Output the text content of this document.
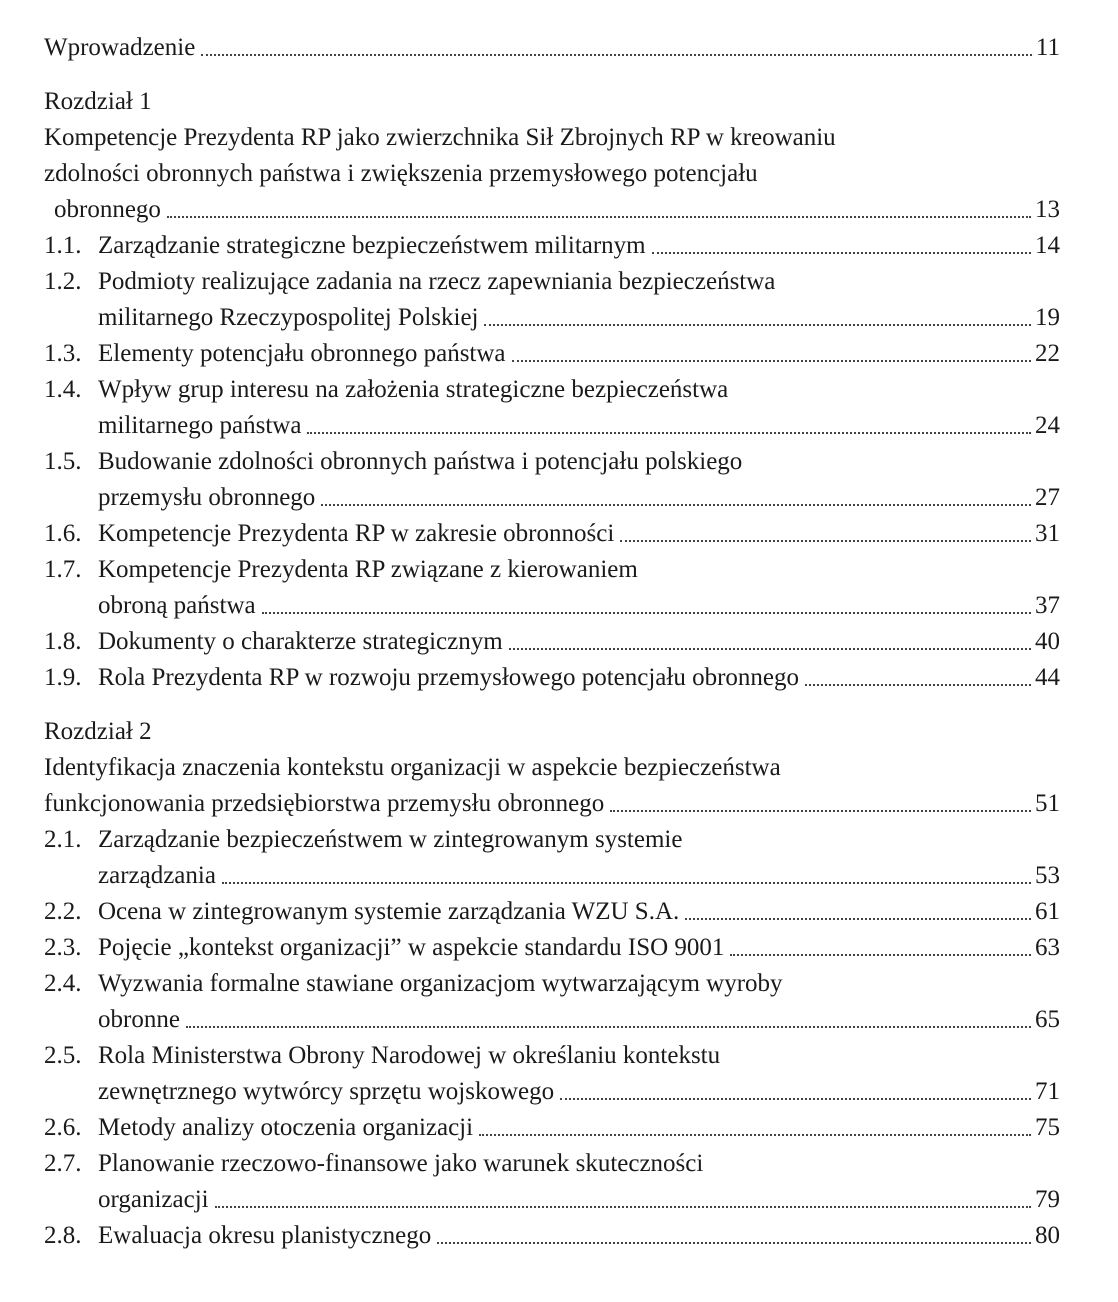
Wprowadzenie	11
Rozdział 1
Kompetencje Prezydenta RP jako zwierzchnika Sił Zbrojnych RP w kreowaniu
zdolności obronnych państwa i zwiększenia przemysłowego potencjału
obronnego	13
1.1. Zarządzanie strategiczne bezpieczeństwem militarnym	14
1.2. Podmioty realizujące zadania na rzecz zapewniania bezpieczeństwa
militarnego Rzeczypospolitej Polskiej	19
1.3. Elementy potencjału obronnego państwa	22
1.4. Wpływ grup interesu na założenia strategiczne bezpieczeństwa
militarnego państwa	24
1.5. Budowanie zdolności obronnych państwa i potencjału polskiego
przemysłu obronnego	27
1.6. Kompetencje Prezydenta RP w zakresie obronności	31
1.7. Kompetencje Prezydenta RP związane z kierowaniem
obroną państwa	37
1.8. Dokumenty o charakterze strategicznym	40
1.9. Rola Prezydenta RP w rozwoju przemysłowego potencjału obronnego	44
Rozdział 2
Identyfikacja znaczenia kontekstu organizacji w aspekcie bezpieczeństwa
funkcjonowania przedsiębiorstwa przemysłu obronnego	51
2.1. Zarządzanie bezpieczeństwem w zintegrowanym systemie
zarządzania	53
2.2. Ocena w zintegrowanym systemie zarządzania WZU S.A.	61
2.3. Pojęcie „kontekst organizacji” w aspekcie standardu ISO 9001	63
2.4. Wyzwania formalne stawiane organizacjom wytwarzającym wyroby
obronne	65
2.5. Rola Ministerstwa Obrony Narodowej w określaniu kontekstu
zewnętrznego wytwórcy sprzętu wojskowego	71
2.6. Metody analizy otoczenia organizacji	75
2.7. Planowanie rzeczowo-finansowe jako warunek skuteczności
organizacji	79
2.8. Ewaluacja okresu planistycznego	80
